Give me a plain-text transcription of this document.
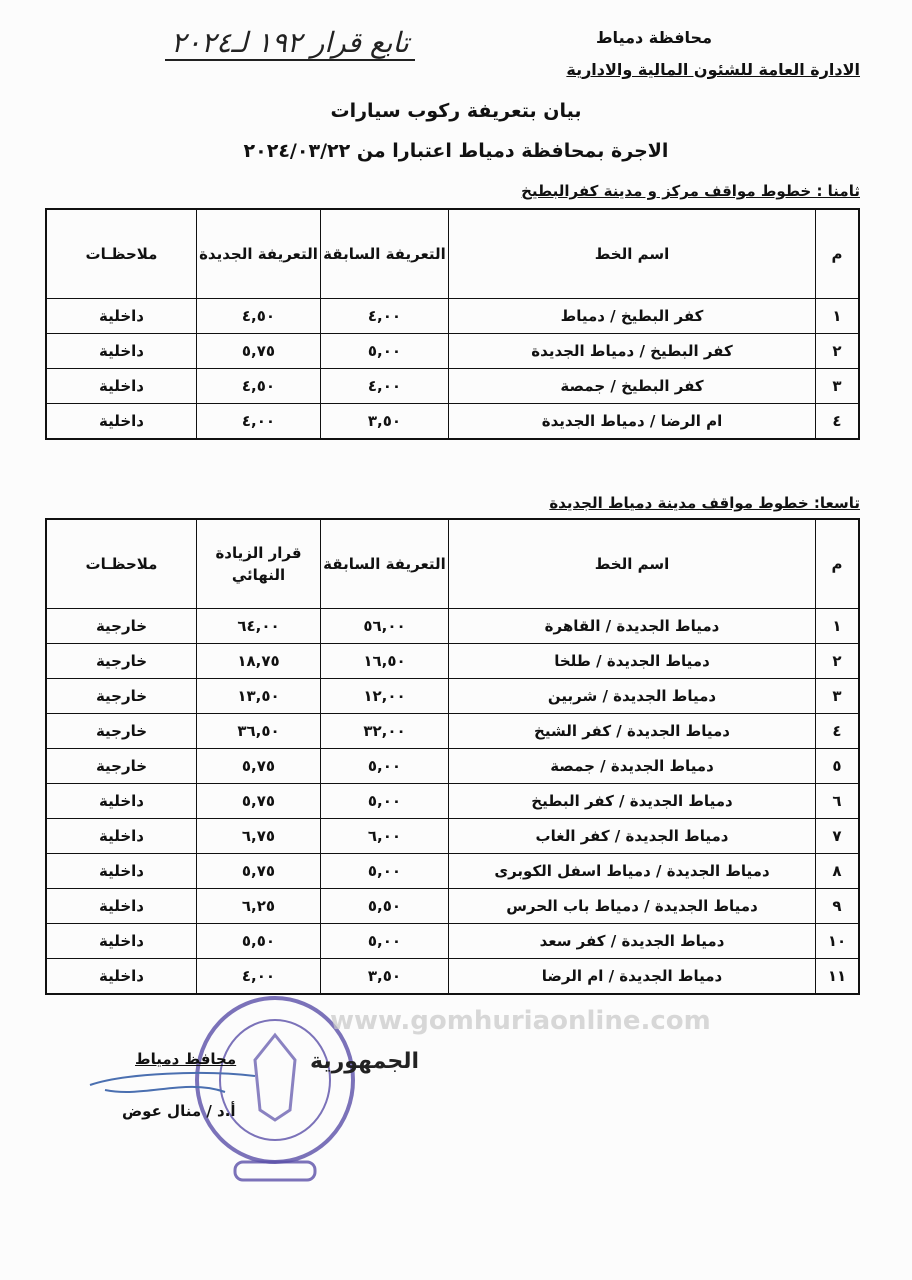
محافظة دمياط
الادارة العامة للشئون المالية والادارية
تابع قرار ١٩٢ لـ٢٠٢٤
بيان بتعريفة ركوب سيارات
الاجرة بمحافظة دمياط اعتبارا من ٢٠٢٤/٠٣/٢٢
ثامنا : خطوط مواقف مركز و مدينة كفرالبطيخ
م	اسم الخط	التعريفة السابقة	التعريفة الجديدة	ملاحظـات
١	كفر البطيخ / دمياط	٤,٠٠	٤,٥٠	داخلية
٢	كفر البطيخ / دمياط الجديدة	٥,٠٠	٥,٧٥	داخلية
٣	كفر البطيخ / جمصة	٤,٠٠	٤,٥٠	داخلية
٤	ام الرضا / دمياط الجديدة	٣,٥٠	٤,٠٠	داخلية
تاسعا: خطوط مواقف مدينة دمياط الجديدة
م	اسم الخط	التعريفة السابقة	قرار الزيادة النهائي	ملاحظـات
١	دمياط الجديدة / القاهرة	٥٦,٠٠	٦٤,٠٠	خارجية
٢	دمياط الجديدة / طلخا	١٦,٥٠	١٨,٧٥	خارجية
٣	دمياط الجديدة / شربين	١٢,٠٠	١٣,٥٠	خارجية
٤	دمياط الجديدة / كفر الشيخ	٣٢,٠٠	٣٦,٥٠	خارجية
٥	دمياط الجديدة / جمصة	٥,٠٠	٥,٧٥	خارجية
٦	دمياط الجديدة / كفر البطيخ	٥,٠٠	٥,٧٥	داخلية
٧	دمياط الجديدة / كفر الغاب	٦,٠٠	٦,٧٥	داخلية
٨	دمياط الجديدة / دمياط اسفل الكوبرى	٥,٠٠	٥,٧٥	داخلية
٩	دمياط الجديدة / دمياط باب الحرس	٥,٥٠	٦,٢٥	داخلية
١٠	دمياط الجديدة / كفر سعد	٥,٠٠	٥,٥٠	داخلية
١١	دمياط الجديدة / ام الرضا	٣,٥٠	٤,٠٠	داخلية
www.gomhuriaonline.com
الجمهورية
محافظ دمياط
أ.د / منال عوض
